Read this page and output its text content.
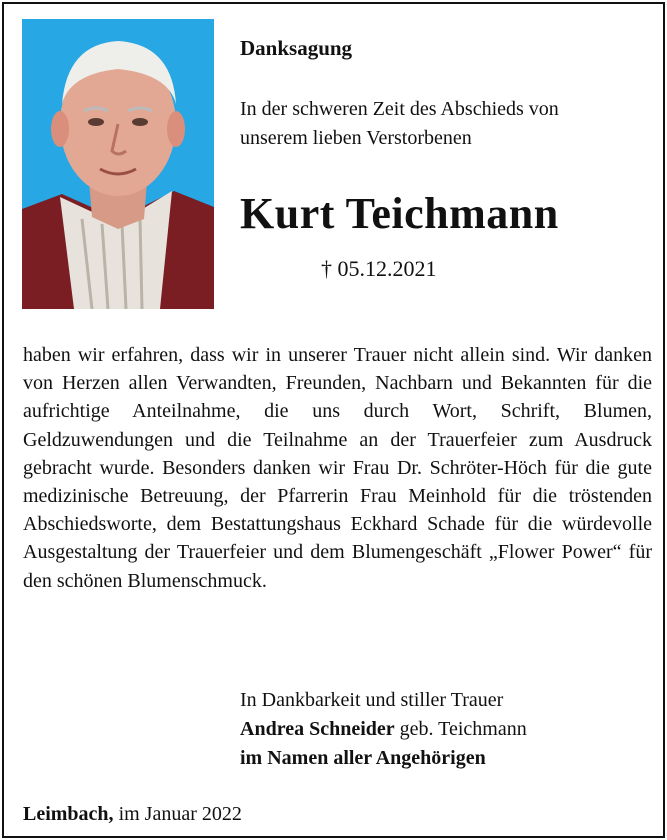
Danksagung
In der schweren Zeit des Abschieds von
unserem lieben Verstorbenen
Kurt Teichmann
† 05.12.2021
haben wir erfahren, dass wir in unserer Trauer nicht allein sind. Wir danken von Herzen allen Verwandten, Freunden, Nachbarn und Bekannten für die aufrichtige Anteilnahme, die uns durch Wort, Schrift, Blumen, Geldzuwendungen und die Teilnahme an der Trauerfeier zum Ausdruck gebracht wurde. Besonders danken wir Frau Dr. Schröter-Höch für die gute medizinische Betreuung, der Pfarrerin Frau Meinhold für die tröstenden Abschiedsworte, dem Bestattungshaus Eckhard Schade für die würdevolle Ausgestaltung der Trauerfeier und dem Blumengeschäft „Flower Power“ für den schönen Blumenschmuck.
In Dankbarkeit und stiller Trauer
Andrea Schneider geb. Teichmann
im Namen aller Angehörigen
Leimbach, im Januar 2022
